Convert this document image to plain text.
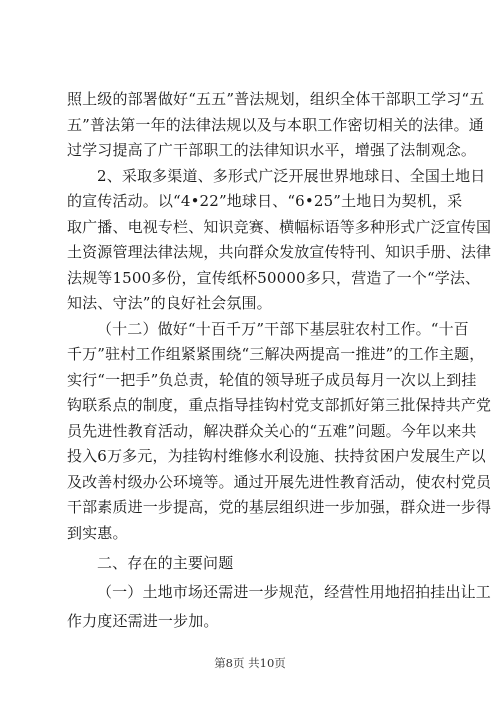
照上级的部署做好“五五”普法规划，组织全体干部职工学习“五
五”普法第一年的法律法规以及与本职工作密切相关的法律。通
过学习提高了广干部职工的法律知识水平，增强了法制观念。
2、采取多渠道、多形式广泛开展世界地球日、全国土地日
的宣传活动。以“4•22”地球日、“6•25”土地日为契机，采
取广播、电视专栏、知识竞赛、横幅标语等多种形式广泛宣传国
土资源管理法律法规，共向群众发放宣传特刊、知识手册、法律
法规等1500多份，宣传纸杯50000多只，营造了一个“学法、
知法、守法”的良好社会氛围。
（十二）做好“十百千万”干部下基层驻农村工作。“十百
千万”驻村工作组紧紧围绕“三解决两提高一推进”的工作主题，
实行“一把手”负总责，轮值的领导班子成员每月一次以上到挂
钩联系点的制度，重点指导挂钩村党支部抓好第三批保持共产党
员先进性教育活动，解决群众关心的“五难”问题。今年以来共
投入6万多元，为挂钩村维修水利设施、扶持贫困户发展生产以
及改善村级办公环境等。通过开展先进性教育活动，使农村党员
干部素质进一步提高，党的基层组织进一步加强，群众进一步得
到实惠。
二、存在的主要问题
（一）土地市场还需进一步规范，经营性用地招拍挂出让工
作力度还需进一步加。
第8页 共10页
